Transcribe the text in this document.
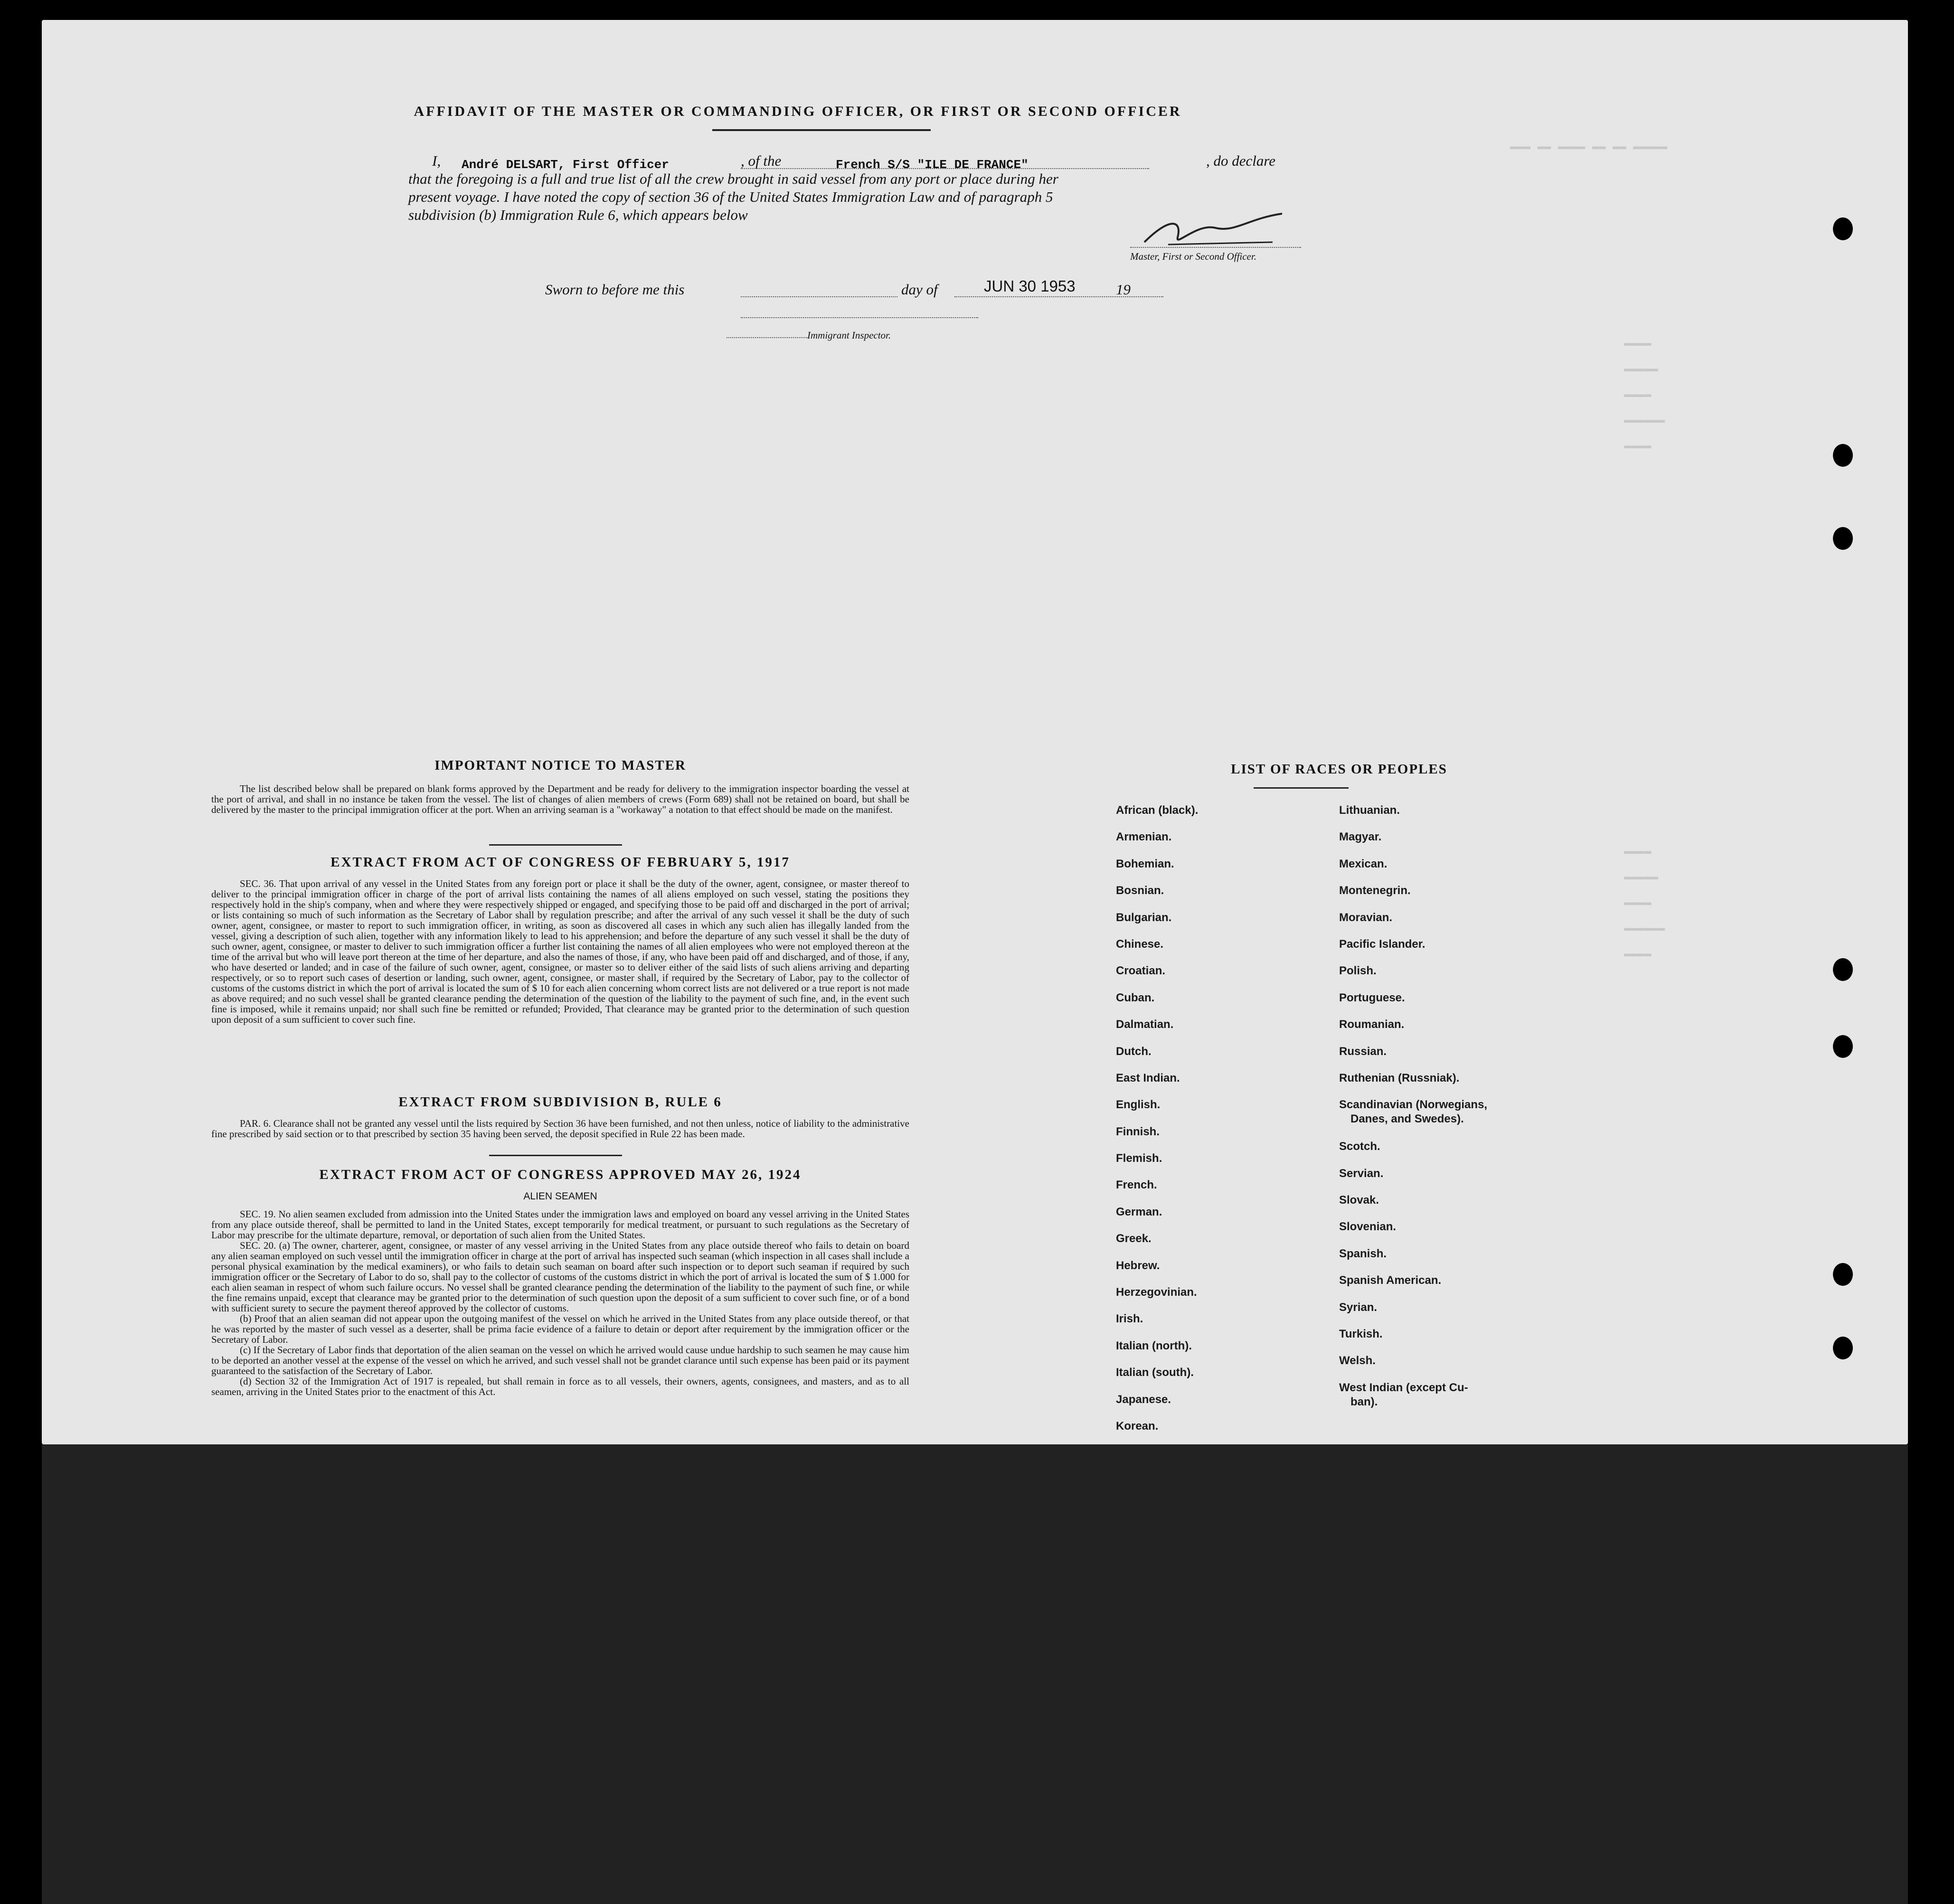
▬▬▬ ▬▬ ▬▬▬▬ ▬▬ ▬▬ ▬▬▬▬▬
▬▬▬▬

▬▬▬▬▬

▬▬▬▬

▬▬▬▬▬▬

▬▬▬▬
▬▬▬▬

▬▬▬▬▬

▬▬▬▬

▬▬▬▬▬▬

▬▬▬▬
AFFIDAVIT OF THE MASTER OR COMMANDING OFFICER, OR FIRST OR SECOND OFFICER
I, André DELSART, First Officer	, of the	French S/S "ILE DE FRANCE"	, do declare
that the foregoing is a full and true list of all the crew brought in said vessel from any port or place during her
present voyage. I have noted the copy of section 36 of the United States Immigration Law and of paragraph 5
subdivision (b) Immigration Rule 6, which appears below
Master, First or Second Officer.
Sworn to before me this	day of	JUN 30 1953	19
Immigrant Inspector.
IMPORTANT NOTICE TO MASTER

The list described below shall be prepared on blank forms approved by the Department and be ready for delivery to the immigration inspector boarding the vessel at the port of arrival, and shall in no instance be taken from the vessel. The list of changes of alien members of crews (Form 689) shall not be retained on board, but shall be delivered by the master to the principal immigration officer at the port. When an arriving seaman is a "workaway" a notation to that effect should be made on the manifest.

EXTRACT FROM ACT OF CONGRESS OF FEBRUARY 5, 1917

SEC. 36. That upon arrival of any vessel in the United States from any foreign port or place it shall be the duty of the owner, agent, consignee, or master thereof to deliver to the principal immigration officer in charge of the port of arrival lists containing the names of all aliens employed on such vessel, stating the positions they respectively hold in the ship's company, when and where they were respectively shipped or engaged, and specifying those to be paid off and discharged in the port of arrival; or lists containing so much of such information as the Secretary of Labor shall by regulation prescribe; and after the arrival of any such vessel it shall be the duty of such owner, agent, consignee, or master to report to such immigration officer, in writing, as soon as discovered all cases in which any such alien has illegally landed from the vessel, giving a description of such alien, together with any information likely to lead to his apprehension; and before the departure of any such vessel it shall be the duty of such owner, agent, consignee, or master to deliver to such immigration officer a further list containing the names of all alien employees who were not employed thereon at the time of the arrival but who will leave port thereon at the time of her departure, and also the names of those, if any, who have been paid off and discharged, and of those, if any, who have deserted or landed; and in case of the failure of such owner, agent, consignee, or master so to deliver either of the said lists of such aliens arriving and departing respectively, or so to report such cases of desertion or landing, such owner, agent, consignee, or master shall, if required by the Secretary of Labor, pay to the collector of customs of the customs district in which the port of arrival is located the sum of $ 10 for each alien concerning whom correct lists are not delivered or a true report is not made as above required; and no such vessel shall be granted clearance pending the determination of the question of the liability to the payment of such fine, and, in the event such fine is imposed, while it remains unpaid; nor shall such fine be remitted or refunded; Provided, That clearance may be granted prior to the determination of such question upon deposit of a sum sufficient to cover such fine.

EXTRACT FROM SUBDIVISION B, RULE 6

PAR. 6. Clearance shall not be granted any vessel until the lists required by Section 36 have been furnished, and not then unless, notice of liability to the administrative fine prescribed by said section or to that prescribed by section 35 having been served, the deposit specified in Rule 22 has been made.

EXTRACT FROM ACT OF CONGRESS APPROVED MAY 26, 1924
ALIEN SEAMEN

SEC. 19. No alien seamen excluded from admission into the United States under the immigration laws and employed on board any vessel arriving in the United States from any place outside thereof, shall be permitted to land in the United States, except temporarily for medical treatment, or pursuant to such regulations as the Secretary of Labor may prescribe for the ultimate departure, removal, or deportation of such alien from the United States.

SEC. 20. (a) The owner, charterer, agent, consignee, or master of any vessel arriving in the United States from any place outside thereof who fails to detain on board any alien seaman employed on such vessel until the immigration officer in charge at the port of arrival has inspected such seaman (which inspection in all cases shall include a personal physical examination by the medical examiners), or who fails to detain such seaman on board after such inspection or to deport such seaman if required by such immigration officer or the Secretary of Labor to do so, shall pay to the collector of customs of the customs district in which the port of arrival is located the sum of $ 1.000 for each alien seaman in respect of whom such failure occurs. No vessel shall be granted clearance pending the determination of the liability to the payment of such fine, or while the fine remains unpaid, except that clearance may be granted prior to the determination of such question upon the deposit of a sum sufficient to cover such fine, or of a bond with sufficient surety to secure the payment thereof approved by the collector of customs.

(b) Proof that an alien seaman did not appear upon the outgoing manifest of the vessel on which he arrived in the United States from any place outside thereof, or that he was reported by the master of such vessel as a deserter, shall be prima facie evidence of a failure to detain or deport after requirement by the immigration officer or the Secretary of Labor.

(c) If the Secretary of Labor finds that deportation of the alien seaman on the vessel on which he arrived would cause undue hardship to such seamen he may cause him to be deported an another vessel at the expense of the vessel on which he arrived, and such vessel shall not be grandet clarance until such expense has been paid or its payment guaranteed to the satisfaction of the Secretary of Labor.

(d) Section 32 of the Immigration Act of 1917 is repealed, but shall remain in force as to all vessels, their owners, agents, consignees, and masters, and as to all seamen, arriving in the United States prior to the enactment of this Act.

LIST OF RACES OR PEOPLES
African (black).
Armenian.
Bohemian.
Bosnian.
Bulgarian.
Chinese.
Croatian.
Cuban.
Dalmatian.
Dutch.
East Indian.
English.
Finnish.
Flemish.
French.
German.
Greek.
Hebrew.
Herzegovinian.
Irish.
Italian (north).
Italian (south).
Japanese.
Korean.
Lithuanian.
Magyar.
Mexican.
Montenegrin.
Moravian.
Pacific Islander.
Polish.
Portuguese.
Roumanian.
Russian.
Ruthenian (Russniak).
Scandinavian (Norwegians,
Danes, and Swedes).
Scotch.
Servian.
Slovak.
Slovenian.
Spanish.
Spanish American.
Syrian.
Turkish.
Welsh.
West Indian (except Cu-
ban).
